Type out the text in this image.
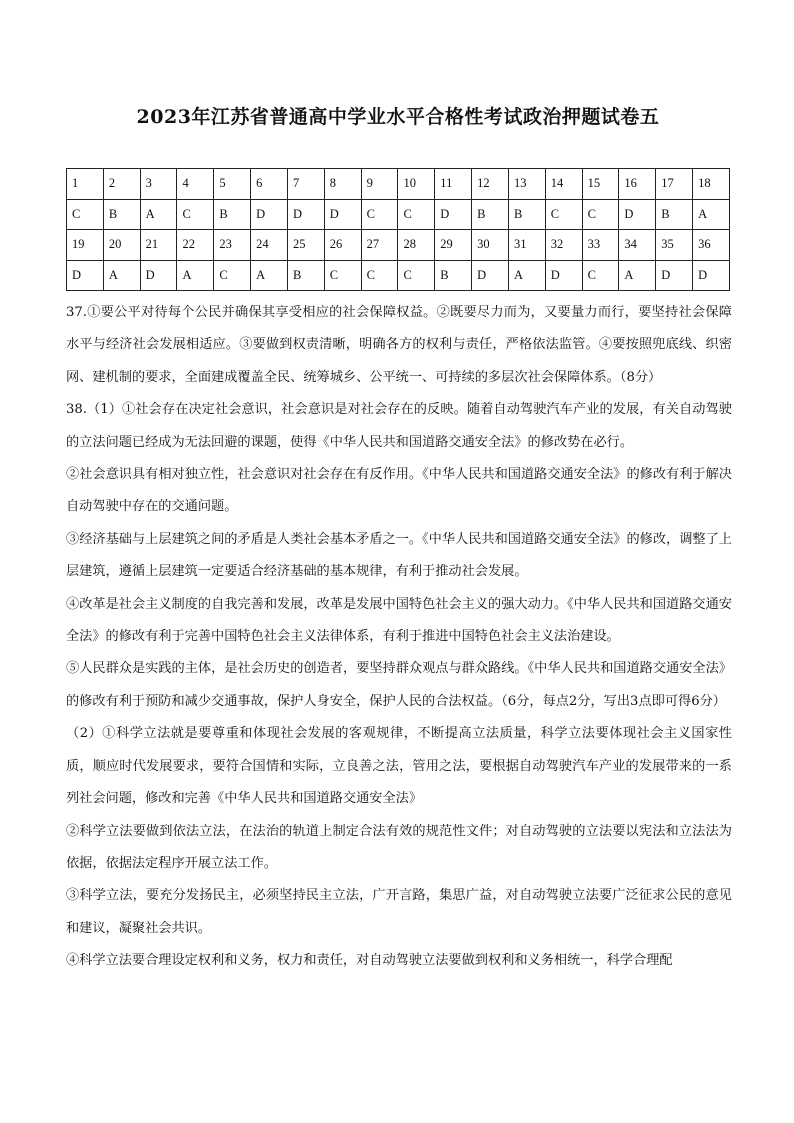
2023年江苏省普通高中学业水平合格性考试政治押题试卷五
1	2	3	4	5	6	7	8	9	10	11	12	13	14	15	16	17	18
C	B	A	C	B	D	D	D	C	C	D	B	B	C	C	D	B	A
19	20	21	22	23	24	25	26	27	28	29	30	31	32	33	34	35	36
D	A	D	A	C	A	B	C	C	C	B	D	A	D	C	A	D	D

37.①要公平对待每个公民并确保其享受相应的社会保障权益。②既要尽力而为，又要量力而行，要坚持社会保障水平与经济社会发展相适应。③要做到权责清晰，明确各方的权利与责任，严格依法监管。④要按照兜底线、织密网、建机制的要求，全面建成覆盖全民、统筹城乡、公平统一、可持续的多层次社会保障体系。（8分）

38.（1）①社会存在决定社会意识，社会意识是对社会存在的反映。随着自动驾驶汽车产业的发展，有关自动驾驶的立法问题已经成为无法回避的课题，使得《中华人民共和国道路交通安全法》的修改势在必行。

②社会意识具有相对独立性，社会意识对社会存在有反作用。《中华人民共和国道路交通安全法》的修改有利于解决自动驾驶中存在的交通问题。

③经济基础与上层建筑之间的矛盾是人类社会基本矛盾之一。《中华人民共和国道路交通安全法》的修改，调整了上层建筑，遵循上层建筑一定要适合经济基础的基本规律，有利于推动社会发展。

④改革是社会主义制度的自我完善和发展，改革是发展中国特色社会主义的强大动力。《中华人民共和国道路交通安全法》的修改有利于完善中国特色社会主义法律体系，有利于推进中国特色社会主义法治建设。

⑤人民群众是实践的主体，是社会历史的创造者，要坚持群众观点与群众路线。《中华人民共和国道路交通安全法》的修改有利于预防和减少交通事故，保护人身安全，保护人民的合法权益。（6分，每点2分，写出3点即可得6分）

（2）①科学立法就是要尊重和体现社会发展的客观规律，不断提高立法质量，科学立法要体现社会主义国家性质，顺应时代发展要求，要符合国情和实际，立良善之法，管用之法，要根据自动驾驶汽车产业的发展带来的一系列社会问题，修改和完善《中华人民共和国道路交通安全法》

②科学立法要做到依法立法，在法治的轨道上制定合法有效的规范性文件；对自动驾驶的立法要以宪法和立法法为依据，依据法定程序开展立法工作。

③科学立法，要充分发扬民主，必须坚持民主立法，广开言路，集思广益，对自动驾驶立法要广泛征求公民的意见和建议，凝聚社会共识。

④科学立法要合理设定权利和义务，权力和责任，对自动驾驶立法要做到权利和义务相统一，科学合理配
